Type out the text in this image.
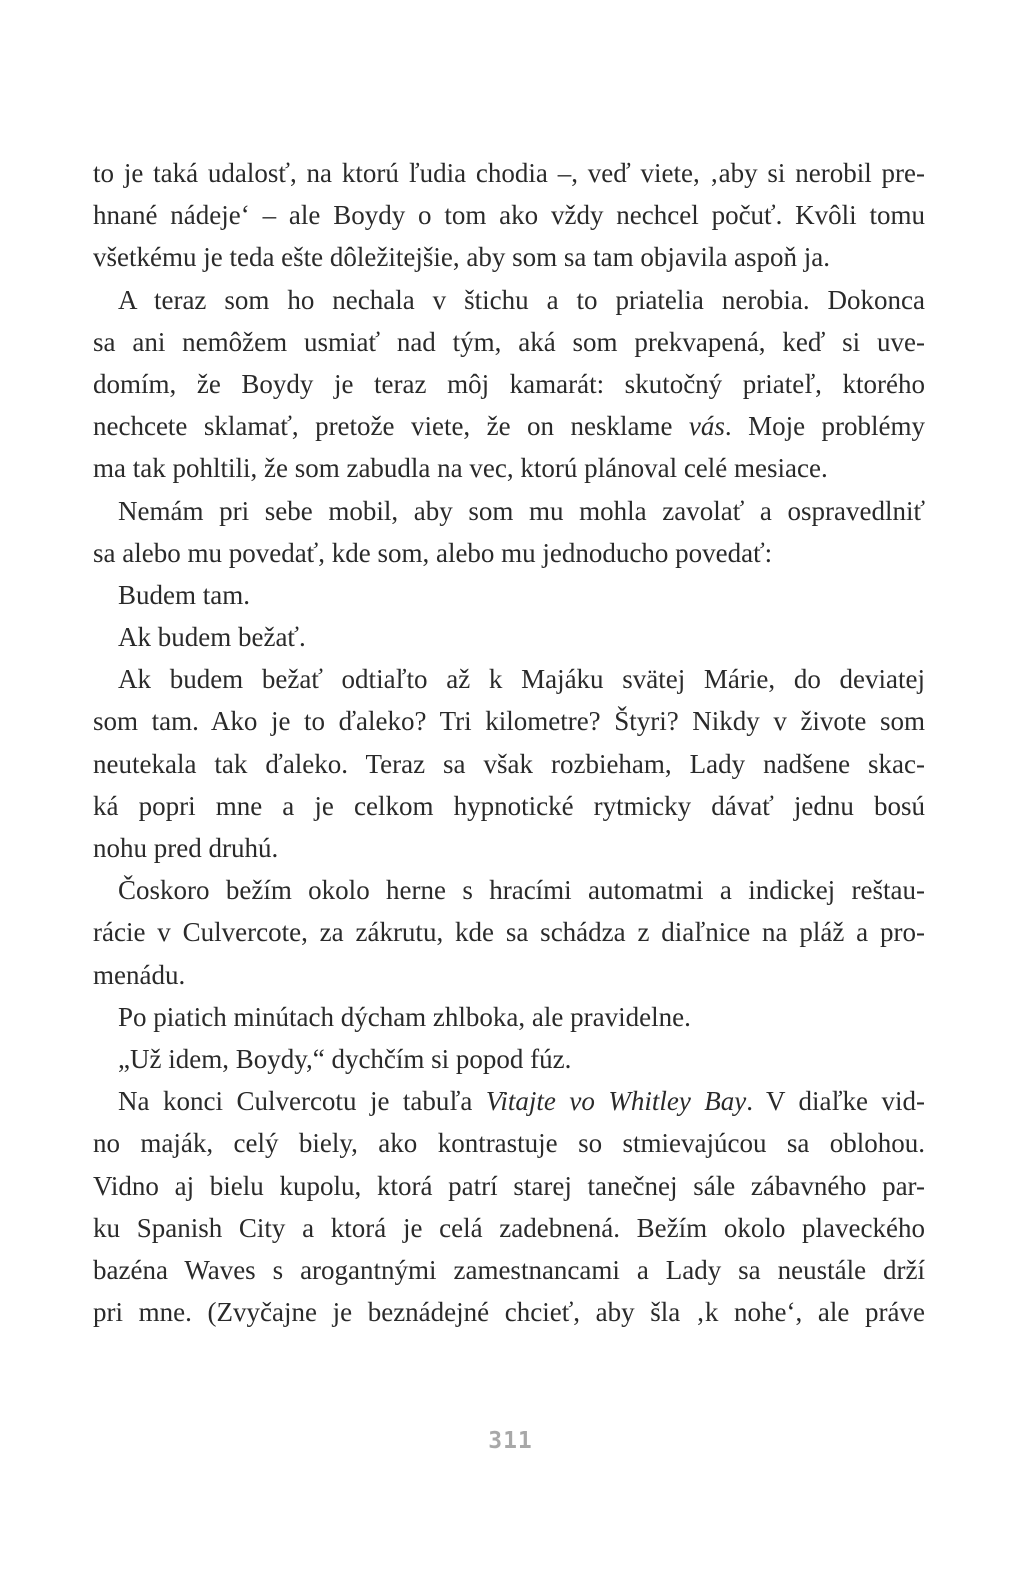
to je taká udalosť, na ktorú ľudia chodia –, veď viete, ‚aby si nerobil pre-
hnané nádeje‘ – ale Boydy o tom ako vždy nechcel počuť. Kvôli tomu
všetkému je teda ešte dôležitejšie, aby som sa tam objavila aspoň ja.
A teraz som ho nechala v štichu a to priatelia nerobia. Dokonca
sa ani nemôžem usmiať nad tým, aká som prekvapená, keď si uve-
domím, že Boydy je teraz môj kamarát: skutočný priateľ, ktorého
nechcete sklamať, pretože viete, že on nesklame vás. Moje problémy
ma tak pohltili, že som zabudla na vec, ktorú plánoval celé mesiace.
Nemám pri sebe mobil, aby som mu mohla zavolať a ospravedlniť
sa alebo mu povedať, kde som, alebo mu jednoducho povedať:
Budem tam.
Ak budem bežať.
Ak budem bežať odtiaľto až k Majáku svätej Márie, do deviatej
som tam. Ako je to ďaleko? Tri kilometre? Štyri? Nikdy v živote som
neutekala tak ďaleko. Teraz sa však rozbieham, Lady nadšene skac-
ká popri mne a je celkom hypnotické rytmicky dávať jednu bosú
nohu pred druhú.
Čoskoro bežím okolo herne s hracími automatmi a indickej reštau-
rácie v Culvercote, za zákrutu, kde sa schádza z diaľnice na pláž a pro-
menádu.
Po piatich minútach dýcham zhlboka, ale pravidelne.
„Už idem, Boydy,“ dychčím si popod fúz.
Na konci Culvercotu je tabuľa Vitajte vo Whitley Bay. V diaľke vid-
no maják, celý biely, ako kontrastuje so stmievajúcou sa oblohou.
Vidno aj bielu kupolu, ktorá patrí starej tanečnej sále zábavného par-
ku Spanish City a ktorá je celá zadebnená. Bežím okolo plaveckého
bazéna Waves s arogantnými zamestnancami a Lady sa neustále drží
pri mne. (Zvyčajne je beznádejné chcieť, aby šla ‚k nohe‘, ale práve
311
